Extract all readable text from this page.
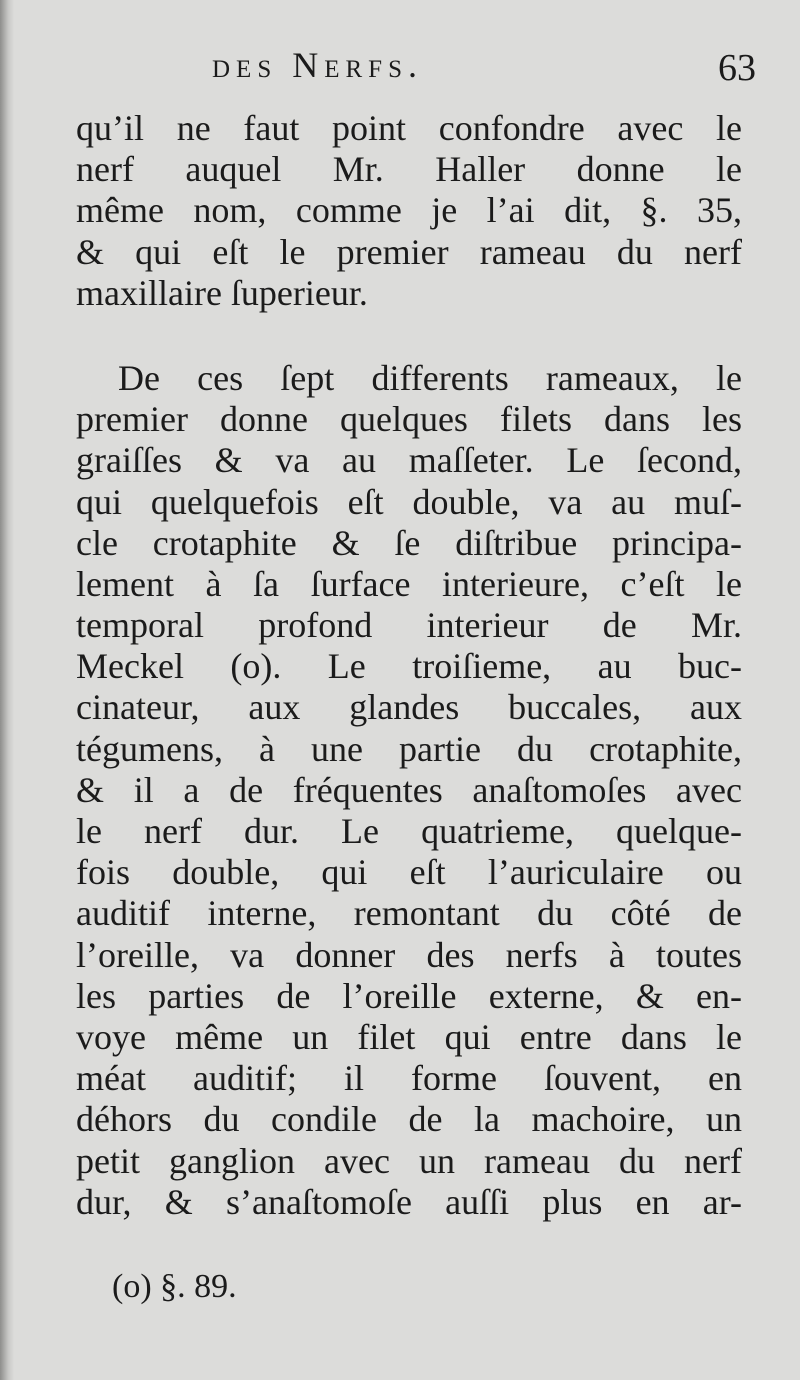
des Nerfs.	63
qu’il ne faut point confondre avec le
nerf auquel Mr. Haller donne le
même nom, comme je l’ai dit, §. 35,
& qui eſt le premier rameau du nerf
maxillaire ſuperieur.
De ces ſept differents rameaux, le
premier donne quelques filets dans les
graiſſes & va au maſſeter. Le ſecond,
qui quelquefois eſt double, va au muſ-
cle crotaphite & ſe diſtribue principa-
lement à ſa ſurface interieure, c’eſt le
temporal profond interieur de Mr.
Meckel (o). Le troiſieme, au buc-
cinateur, aux glandes buccales, aux
tégumens, à une partie du crotaphite,
& il a de fréquentes anaſtomoſes avec
le nerf dur. Le quatrieme, quelque-
fois double, qui eſt l’auriculaire ou
auditif interne, remontant du côté de
l’oreille, va donner des nerfs à toutes
les parties de l’oreille externe, & en-
voye même un filet qui entre dans le
méat auditif; il forme ſouvent, en
déhors du condile de la machoire, un
petit ganglion avec un rameau du nerf
dur, & s’anaſtomoſe auſſi plus en ar-
(o) §. 89.
